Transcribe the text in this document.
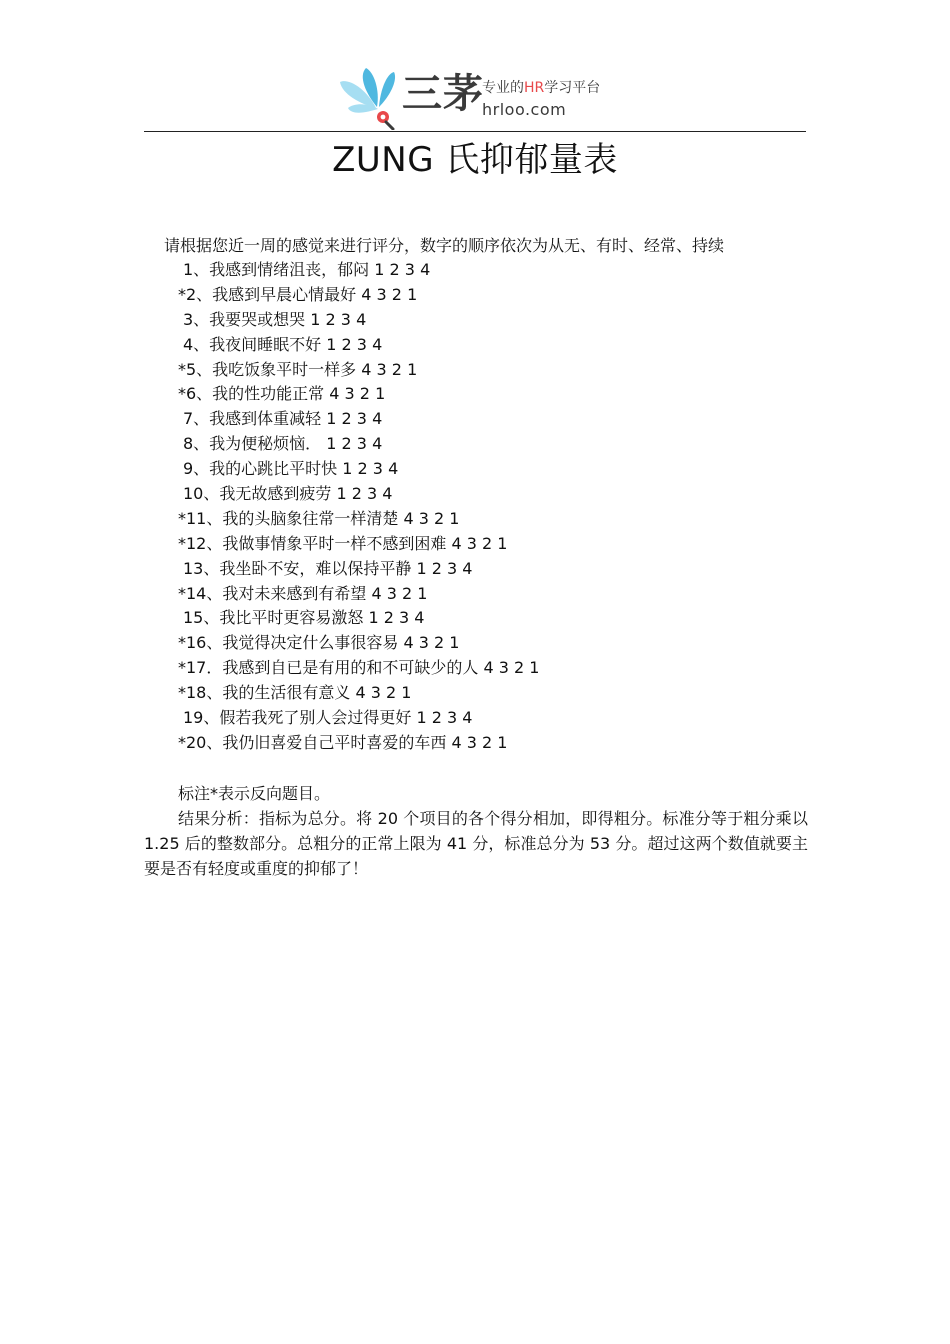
三茅
专业的HR学习平台
hrloo.com
ZUNG 氏抑郁量表
请根据您近一周的感觉来进行评分，数字的顺序依次为从无、有时、经常、持续
1、我感到情绪沮丧，郁闷 1 2 3 4
*2、我感到早晨心情最好 4 3 2 1
3、我要哭或想哭 1 2 3 4
4、我夜间睡眠不好 1 2 3 4
*5、我吃饭象平时一样多 4 3 2 1
*6、我的性功能正常 4 3 2 1
7、我感到体重减轻 1 2 3 4
8、我为便秘烦恼． 1 2 3 4
9、我的心跳比平时快 1 2 3 4
10、我无故感到疲劳 1 2 3 4
*11、我的头脑象往常一样清楚 4 3 2 1
*12、我做事情象平时一样不感到困难 4 3 2 1
13、我坐卧不安，难以保持平静 1 2 3 4
*14、我对未来感到有希望 4 3 2 1
15、我比平时更容易激怒 1 2 3 4
*16、我觉得决定什么事很容易 4 3 2 1
*17．我感到自已是有用的和不可缺少的人 4 3 2 1
*18、我的生活很有意义 4 3 2 1
19、假若我死了别人会过得更好 1 2 3 4
*20、我仍旧喜爱自己平时喜爱的车西 4 3 2 1
标注*表示反向题目。
结果分析：指标为总分。将 20 个项目的各个得分相加，即得粗分。标准分等于粗分乘以 1.25 后的整数部分。总粗分的正常上限为 41 分，标准总分为 53 分。超过这两个数值就要主要是否有轻度或重度的抑郁了！
